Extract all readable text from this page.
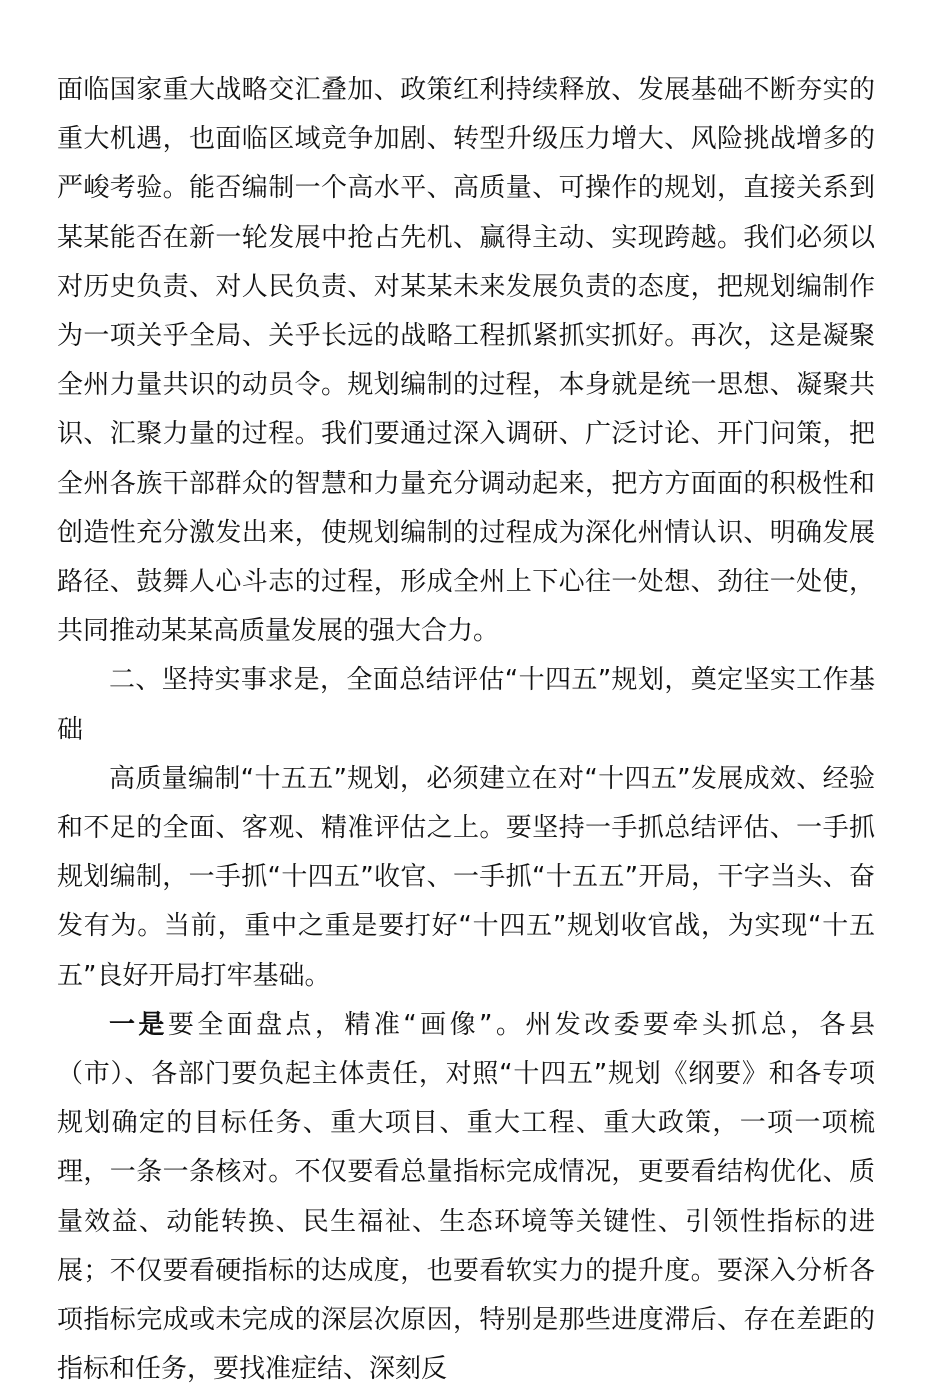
面临国家重大战略交汇叠加、政策红利持续释放、发展基础不断夯实的重大机遇，也面临区域竞争加剧、转型升级压力增大、风险挑战增多的严峻考验。能否编制一个高水平、高质量、可操作的规划，直接关系到某某能否在新一轮发展中抢占先机、赢得主动、实现跨越。我们必须以对历史负责、对人民负责、对某某未来发展负责的态度，把规划编制作为一项关乎全局、关乎长远的战略工程抓紧抓实抓好。再次，这是凝聚全州力量共识的动员令。规划编制的过程，本身就是统一思想、凝聚共识、汇聚力量的过程。我们要通过深入调研、广泛讨论、开门问策，把全州各族干部群众的智慧和力量充分调动起来，把方方面面的积极性和创造性充分激发出来，使规划编制的过程成为深化州情认识、明确发展路径、鼓舞人心斗志的过程，形成全州上下心往一处想、劲往一处使，共同推动某某高质量发展的强大合力。

二、坚持实事求是，全面总结评估“十四五”规划，奠定坚实工作基础

高质量编制“十五五”规划，必须建立在对“十四五”发展成效、经验和不足的全面、客观、精准评估之上。要坚持一手抓总结评估、一手抓规划编制，一手抓“十四五”收官、一手抓“十五五”开局，干字当头、奋发有为。当前，重中之重是要打好“十四五”规划收官战，为实现“十五五”良好开局打牢基础。

一是要全面盘点，精准“画像”。州发改委要牵头抓总，各县（市）、各部门要负起主体责任，对照“十四五”规划《纲要》和各专项规划确定的目标任务、重大项目、重大工程、重大政策，一项一项梳理，一条一条核对。不仅要看总量指标完成情况，更要看结构优化、质量效益、动能转换、民生福祉、生态环境等关键性、引领性指标的进展；不仅要看硬指标的达成度，也要看软实力的提升度。要深入分析各项指标完成或未完成的深层次原因，特别是那些进度滞后、存在差距的指标和任务，要找准症结、深刻反
